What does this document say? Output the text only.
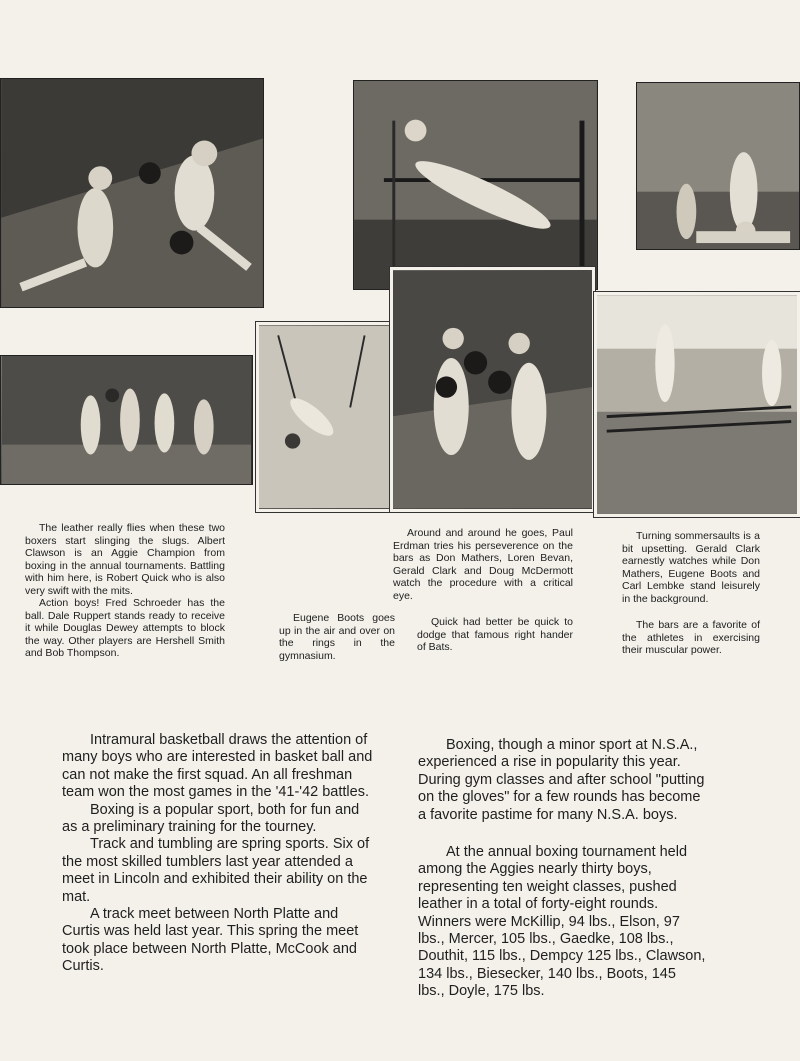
The leather really flies when these two boxers start slinging the slugs. Albert Clawson is an Aggie Champion from boxing in the annual tournaments. Battling with him here, is Robert Quick who is also very swift with the mits.

Action boys! Fred Schroeder has the ball. Dale Ruppert stands ready to receive it while Douglas Dewey attempts to block the way. Other players are Hershell Smith and Bob Thompson.

Eugene Boots goes up in the air and over on the rings in the gymnasium.

Around and around he goes, Paul Erdman tries his perseverence on the bars as Don Mathers, Loren Bevan, Gerald Clark and Doug McDermott watch the procedure with a critical eye.

Quick had better be quick to dodge that famous right hander of Bats.

Turning sommersaults is a bit upsetting. Gerald Clark earnestly watches while Don Mathers, Eugene Boots and Carl Lembke stand leisurely in the background.

The bars are a favorite of the athletes in exercising their muscular power.

Intramural basketball draws the attention of many boys who are interested in basket ball and can not make the first squad. An all freshman team won the most games in the '41-'42 battles.

Boxing is a popular sport, both for fun and as a preliminary training for the tourney.

Track and tumbling are spring sports. Six of the most skilled tumblers last year attended a meet in Lincoln and exhibited their ability on the mat.

A track meet between North Platte and Curtis was held last year. This spring the meet took place between North Platte, McCook and Curtis.

Boxing, though a minor sport at N.S.A., experienced a rise in popularity this year. During gym classes and after school "putting on the gloves" for a few rounds has become a favorite pastime for many N.S.A. boys.

At the annual boxing tournament held among the Aggies nearly thirty boys, representing ten weight classes, pushed leather in a total of forty-eight rounds. Winners were McKillip, 94 lbs., Elson, 97 lbs., Mercer, 105 lbs., Gaedke, 108 lbs., Douthit, 115 lbs., Dempcy 125 lbs., Clawson, 134 lbs., Biesecker, 140 lbs., Boots, 145 lbs., Doyle, 175 lbs.
